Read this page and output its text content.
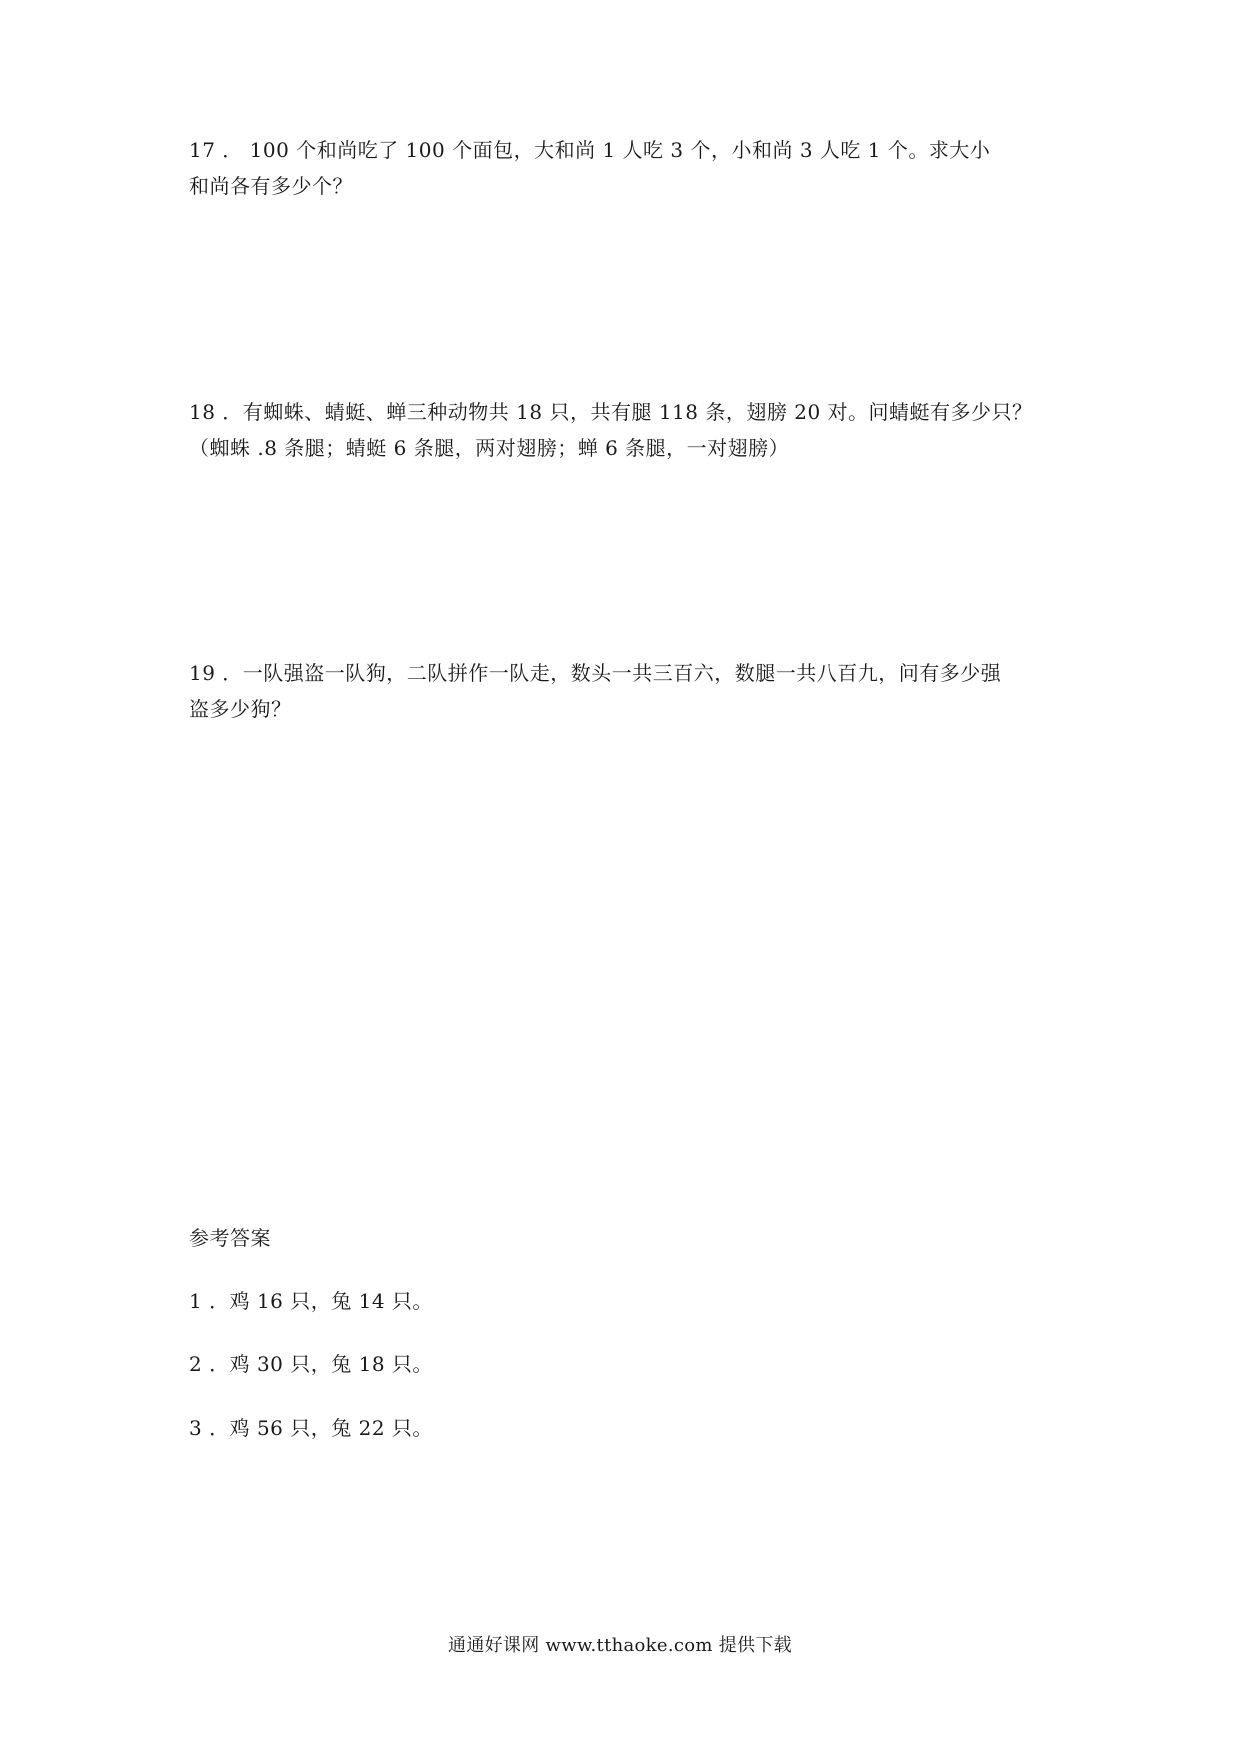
17 ． 100 个和尚吃了 100 个面包，大和尚 1 人吃 3 个，小和尚 3 人吃 1 个。求大小
和尚各有多少个？
18 ．有蜘蛛、蜻蜓、蝉三种动物共 18 只，共有腿 118 条，翅膀 20 对。问蜻蜓有多少只？
（蜘蛛 .8 条腿；蜻蜓 6 条腿，两对翅膀；蝉 6 条腿，一对翅膀）
19 ．一队强盗一队狗，二队拼作一队走，数头一共三百六，数腿一共八百九，问有多少强
盗多少狗？
参考答案
1 ．鸡 16 只，兔 14 只。
2 ．鸡 30 只，兔 18 只。
3 ．鸡 56 只，兔 22 只。
通通好课网 www.tthaoke.com 提供下载
